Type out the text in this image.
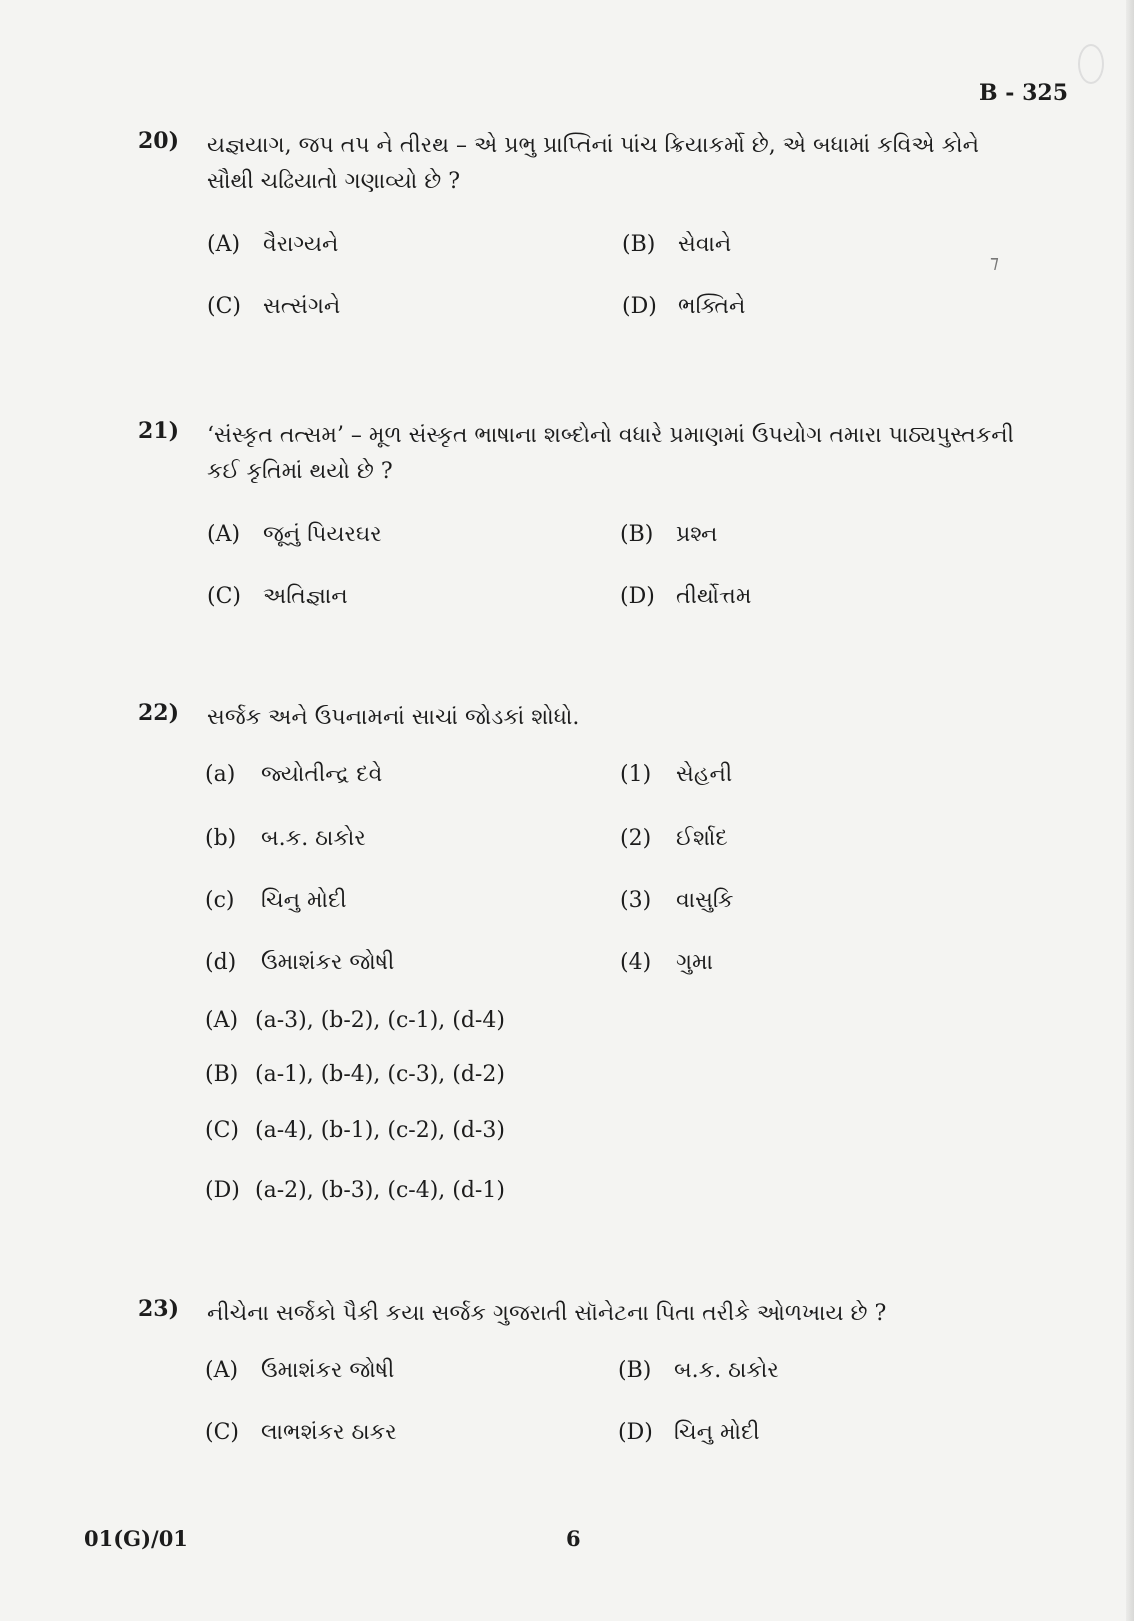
⁊
B - 325
20) યજ્ઞયાગ, જપ તપ ને તીરથ – એ પ્રભુ પ્રાપ્તિનાં પાંચ ક્રિયાકર્મો છે, એ બધામાં કવિએ કોને સૌથી ચઢિયાતો ગણાવ્યો છે ?
(A) વૈરાગ્યને	(B) સેવાને
(C) સત્સંગને	(D) ભક્તિને
21) ‘સંસ્કૃત તત્સમ’ – મૂળ સંસ્કૃત ભાષાના શબ્દોનો વધારે પ્રમાણમાં ઉપયોગ તમારા પાઠ્યપુસ્તકની કઈ કૃતિમાં થયો છે ?
(A) જૂનું પિયરઘર	(B) પ્રશ્ન
(C) અતિજ્ઞાન	(D) તીર્થોત્તમ
22) સર્જક અને ઉપનામનાં સાચાં જોડકાં શોધો.
(a) જ્યોતીન્દ્ર દવે	(1) સેહની
(b) બ.ક. ઠાકોર	(2) ઈર્શાદ
(c) ચિનુ મોદી	(3) વાસુકિ
(d) ઉમાશંકર જોષી	(4) ગુમા
(A) (a-3), (b-2), (c-1), (d-4)
(B) (a-1), (b-4), (c-3), (d-2)
(C) (a-4), (b-1), (c-2), (d-3)
(D) (a-2), (b-3), (c-4), (d-1)
23) નીચેના સર્જકો પૈકી કયા સર્જક ગુજરાતી સૉનેટના પિતા તરીકે ઓળખાય છે ?
(A) ઉમાશંકર જોષી	(B) બ.ક. ઠાકોર
(C) લાભશંકર ઠાકર	(D) ચિનુ મોદી
01(G)/01	6
